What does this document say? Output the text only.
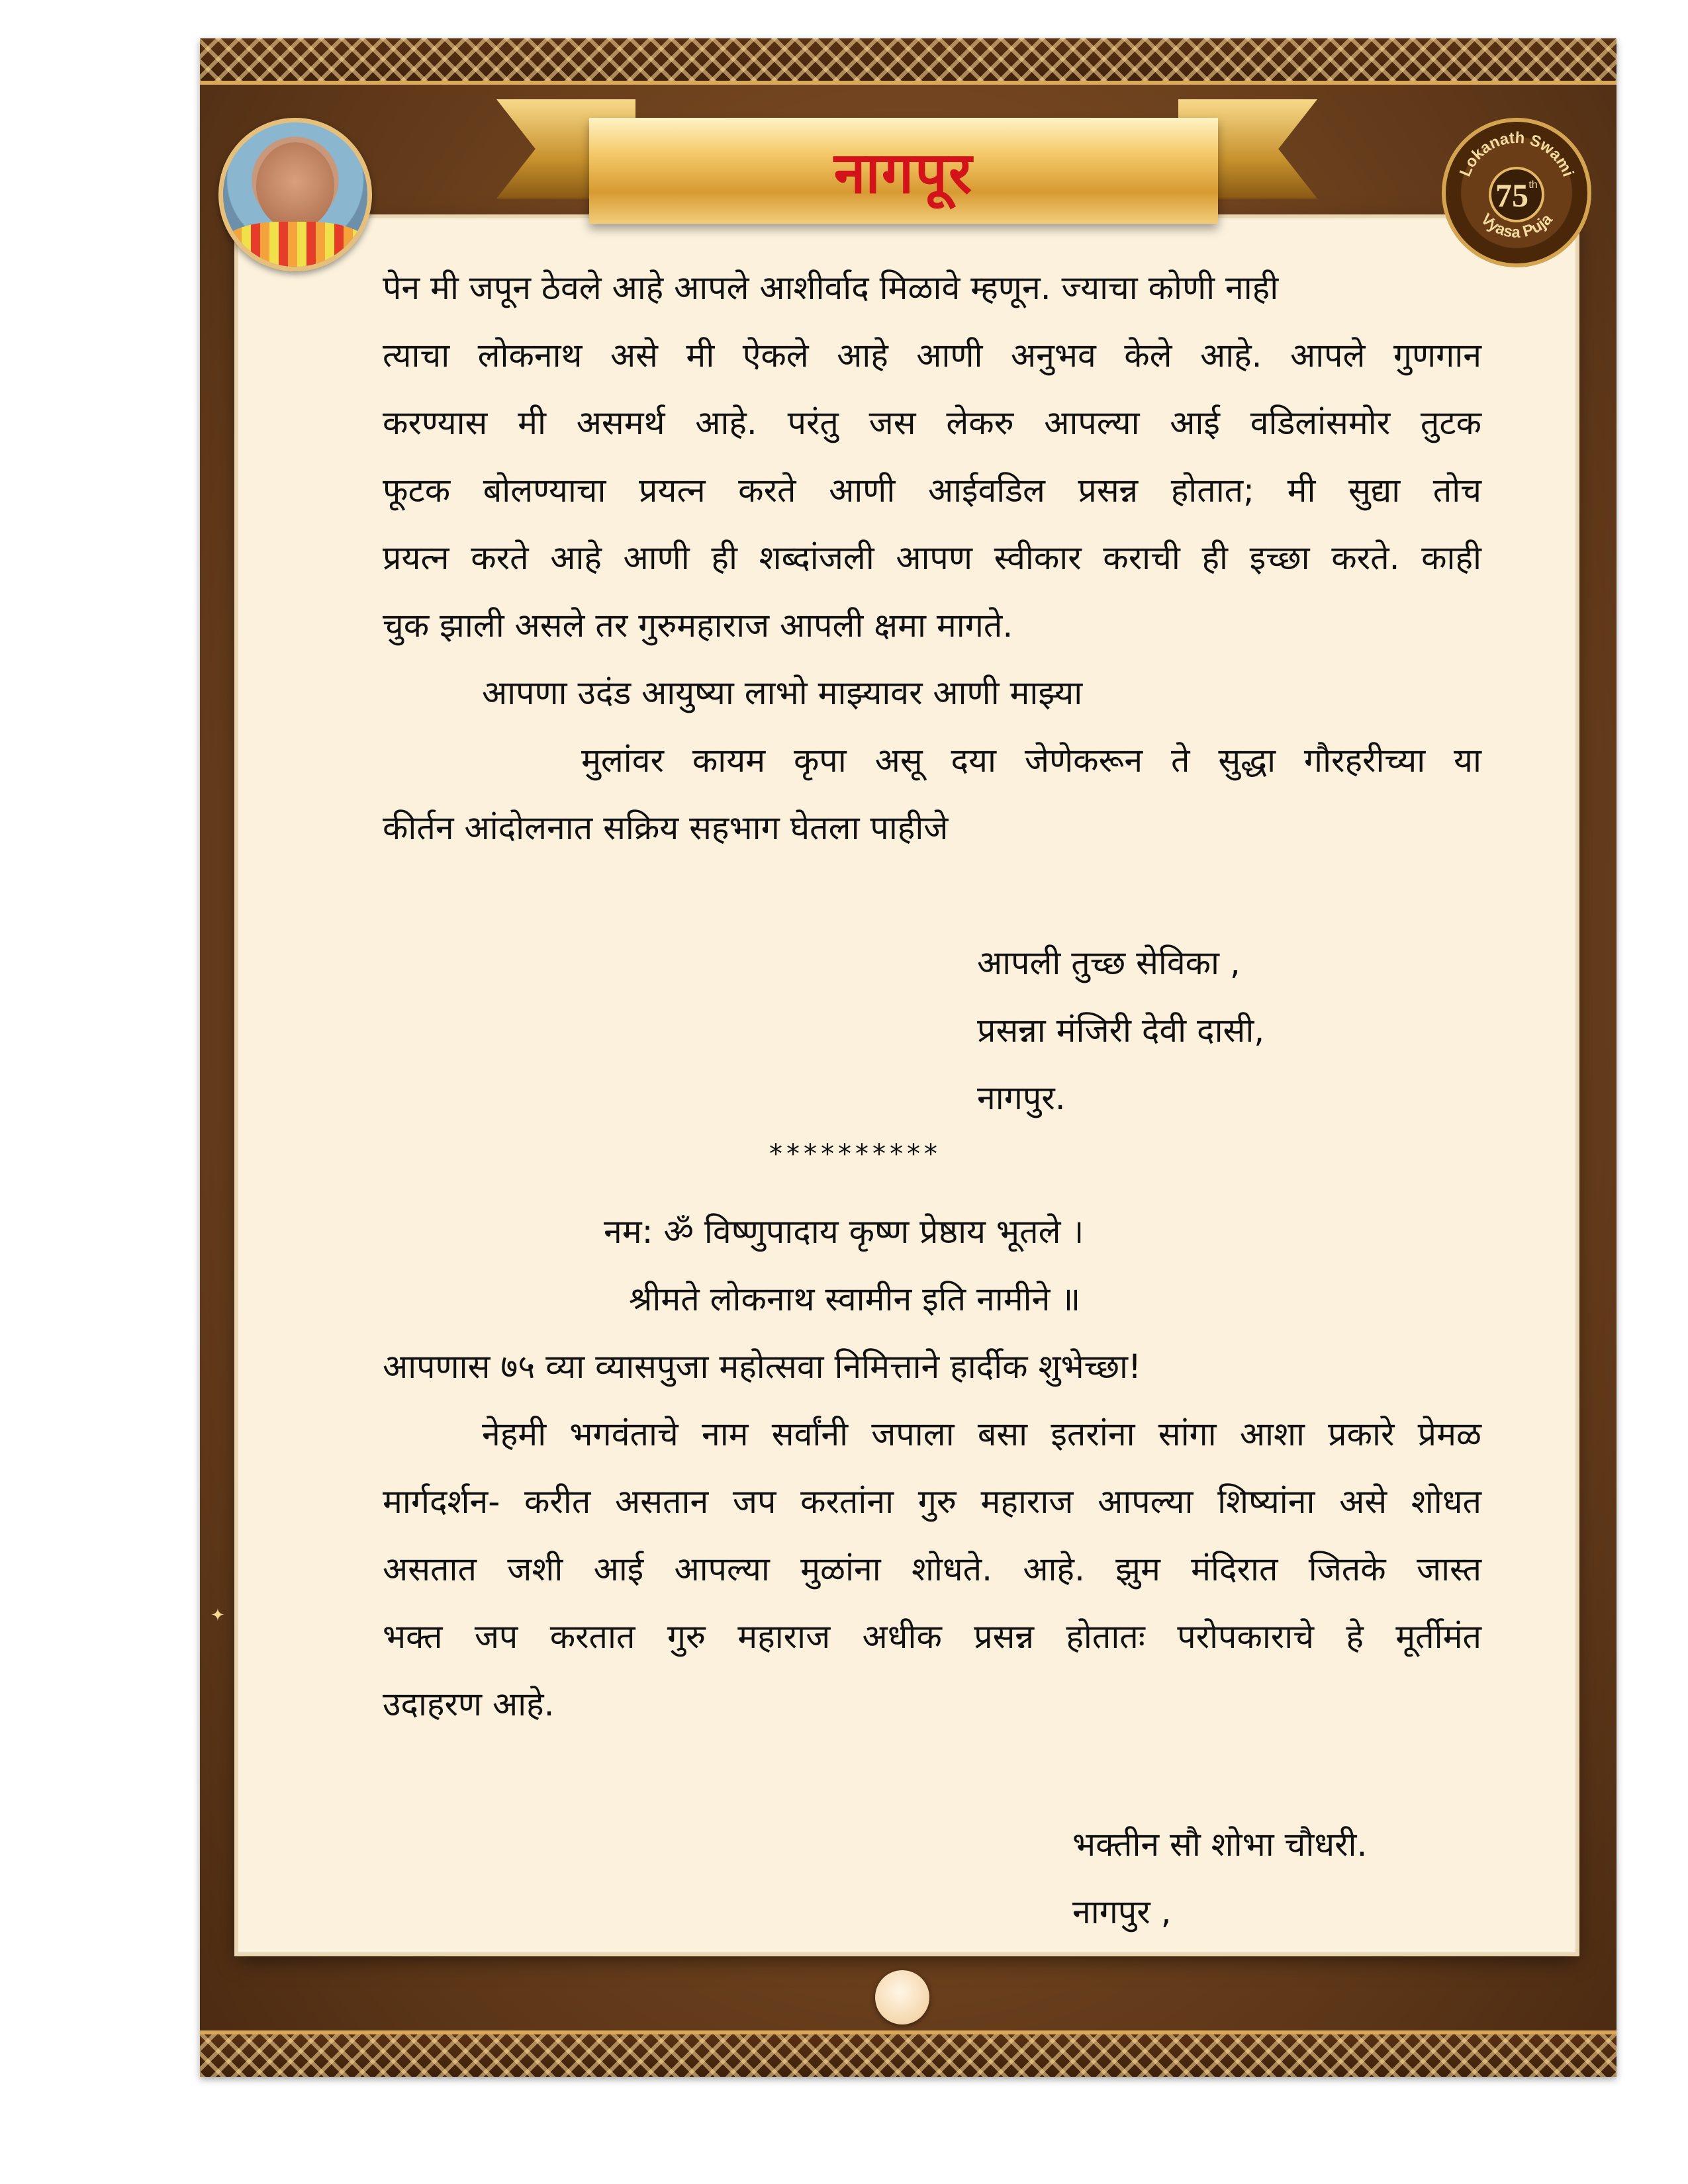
नागपूर	Lokanath Swami
Vyasa Puja
75 th
पेन मी जपून ठेवले आहे आपले आशीर्वाद मिळावे म्हणून. ज्याचा कोणी नाही
त्याचा लोकनाथ असे मी ऐकले आहे आणी अनुभव केले आहे. आपले गुणगान
करण्यास मी असमर्थ आहे. परंतु जस लेकरु आपल्या आई वडिलांसमोर तुटक
फूटक बोलण्याचा प्रयत्न करते आणी आईवडिल प्रसन्न होतात; मी सुद्या तोच
प्रयत्न करते आहे आणी ही शब्दांजली आपण स्वीकार कराची ही इच्छा करते. काही
चुक झाली असले तर गुरुमहाराज आपली क्षमा मागते.
आपणा उदंड आयुष्या लाभो माझ्यावर आणी माझ्या
मुलांवर कायम कृपा असू दया जेणेकरून ते सुद्धा गौरहरीच्या या
कीर्तन आंदोलनात सक्रिय सहभाग घेतला पाहीजे
आपली तुच्छ सेविका ,
प्रसन्ना मंजिरी देवी दासी,
नागपुर.
**********
नम: ॐ विष्णुपादाय कृष्ण प्रेष्ठाय भूतले ।
श्रीमते लोकनाथ स्वामीन इति नामीने ॥
आपणास ७५ व्या व्यासपुजा महोत्सवा निमित्ताने हार्दीक शुभेच्छा!
नेहमी भगवंताचे नाम सर्वांनी जपाला बसा इतरांना सांगा आशा प्रकारे प्रेमळ
मार्गदर्शन- करीत असतान जप करतांना गुरु महाराज आपल्या शिष्यांना असे शोधत
असतात जशी आई आपल्या मुळांना शोधते. आहे. झुम मंदिरात जितके जास्त
भक्त जप करतात गुरु महाराज अधीक प्रसन्न होतातः परोपकाराचे हे मूर्तीमंत
उदाहरण आहे.
भक्तीन सौ शोभा चौधरी.
नागपुर ,
✦
